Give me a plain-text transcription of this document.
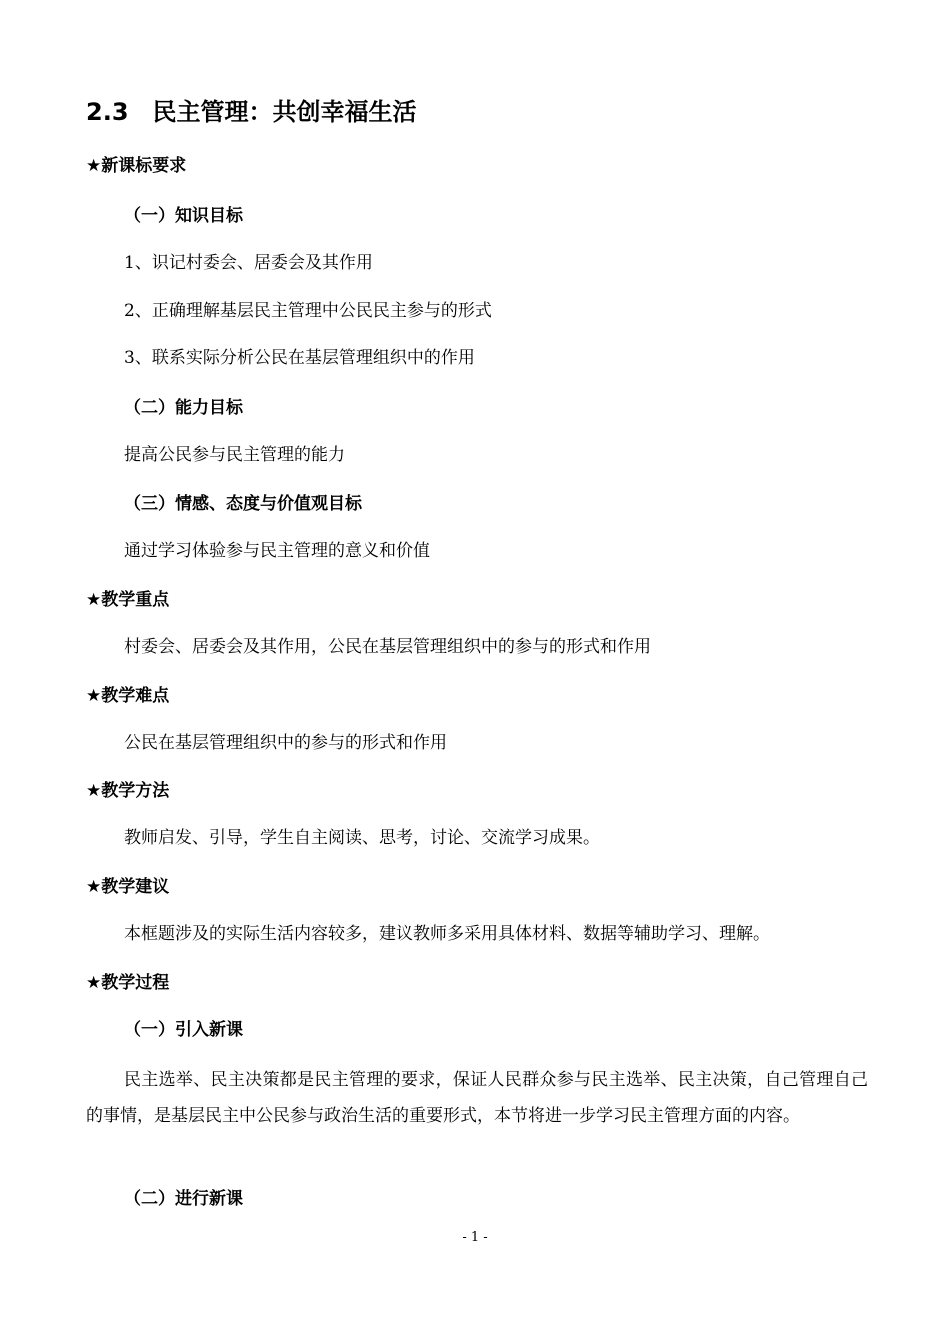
2.3 民主管理：共创幸福生活
★新课标要求
（一）知识目标
1、识记村委会、居委会及其作用
2、正确理解基层民主管理中公民民主参与的形式
3、联系实际分析公民在基层管理组织中的作用
（二）能力目标
提高公民参与民主管理的能力
（三）情感、态度与价值观目标
通过学习体验参与民主管理的意义和价值
★教学重点
村委会、居委会及其作用，公民在基层管理组织中的参与的形式和作用
★教学难点
公民在基层管理组织中的参与的形式和作用
★教学方法
教师启发、引导，学生自主阅读、思考，讨论、交流学习成果。
★教学建议
本框题涉及的实际生活内容较多，建议教师多采用具体材料、数据等辅助学习、理解。
★教学过程
（一）引入新课
民主选举、民主决策都是民主管理的要求，保证人民群众参与民主选举、民主决策，自己管理自己的事情，是基层民主中公民参与政治生活的重要形式，本节将进一步学习民主管理方面的内容。
（二）进行新课
- 1 -
